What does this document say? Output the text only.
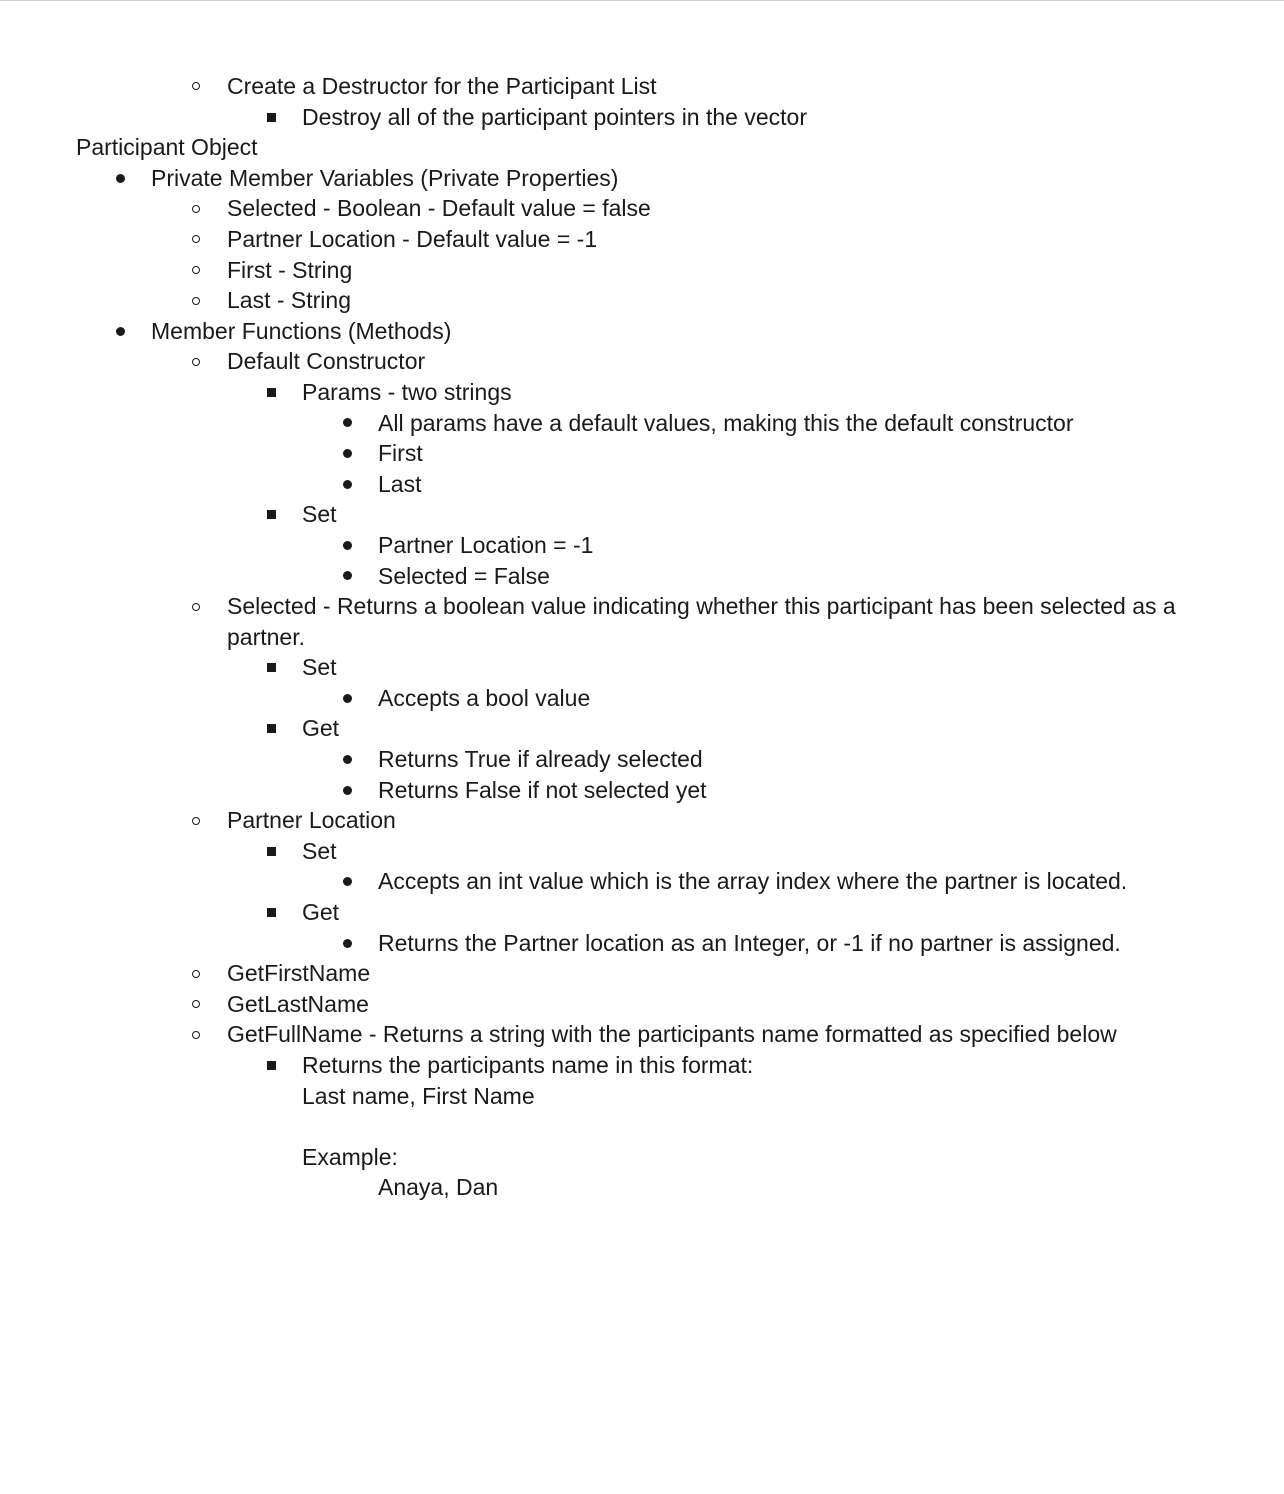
Create a Destructor for the Participant List
Destroy all of the participant pointers in the vector
Participant Object
Private Member Variables (Private Properties)
Selected - Boolean - Default value = false
Partner Location - Default value = -1
First - String
Last - String
Member Functions (Methods)
Default Constructor
Params - two strings
All params have a default values, making this the default constructor
First
Last
Set
Partner Location = -1
Selected = False
Selected - Returns a boolean value indicating whether this participant has been selected as a
partner.
Set
Accepts a bool value
Get
Returns True if already selected
Returns False if not selected yet
Partner Location
Set
Accepts an int value which is the array index where the partner is located.
Get
Returns the Partner location as an Integer, or -1 if no partner is assigned.
GetFirstName
GetLastName
GetFullName - Returns a string with the participants name formatted as specified below
Returns the participants name in this format:
Last name, First Name
Example:
Anaya, Dan
